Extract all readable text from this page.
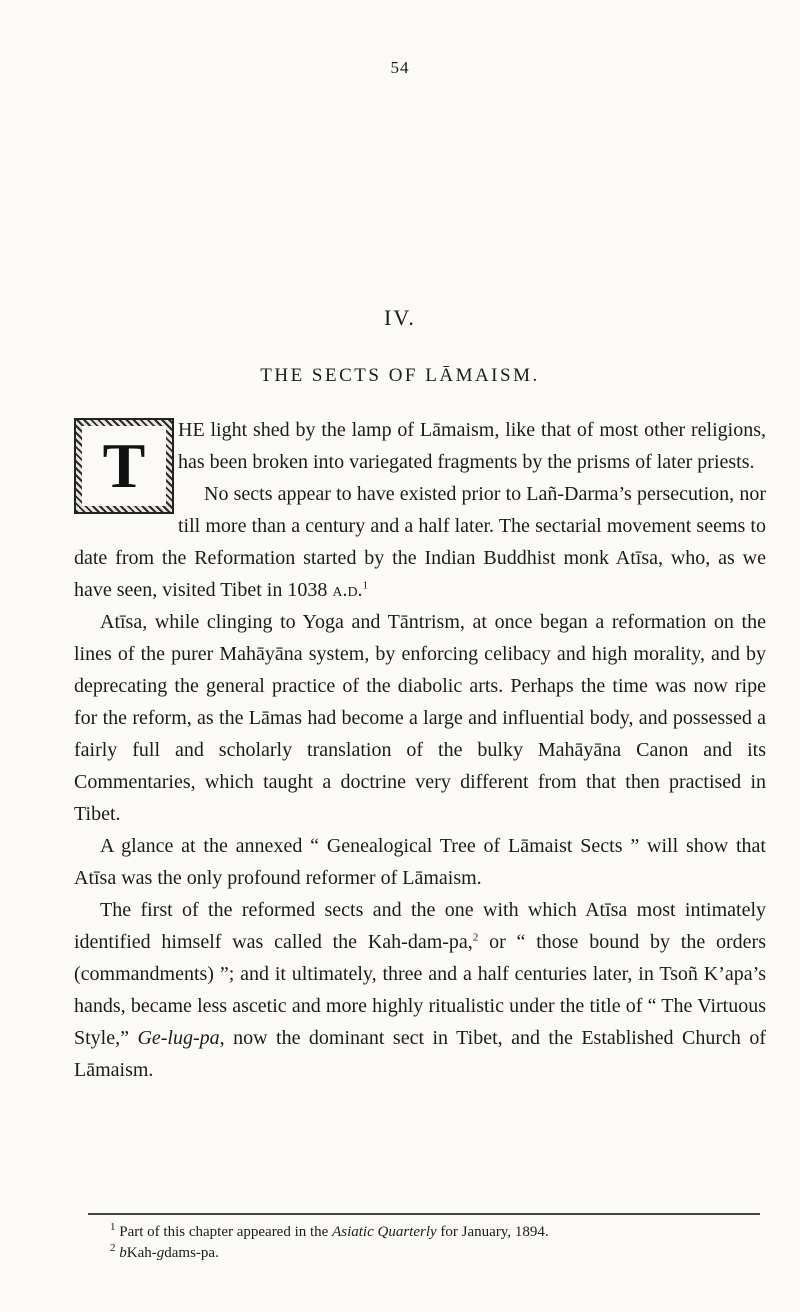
54
IV.
THE SECTS OF LĀMAISM.
T	HE light shed by the lamp of Lāmaism, like that of most other religions, has been broken into variegated fragments by the prisms of later priests.

No sects appear to have existed prior to Lañ-Darma’s persecution, nor till more than a century and a half later. The sectarial movement seems to date from the Reformation started by the Indian Buddhist monk Atīsa, who, as we have seen, visited Tibet in 1038 a.d.$^1$

Atīsa, while clinging to Yoga and Tāntrism, at once began a reformation on the lines of the purer Mahāyāna system, by enforcing celibacy and high morality, and by deprecating the general practice of the diabolic arts. Perhaps the time was now ripe for the reform, as the Lāmas had become a large and influential body, and possessed a fairly full and scholarly translation of the bulky Mahāyāna Canon and its Commentaries, which taught a doctrine very different from that then practised in Tibet.

A glance at the annexed “ Genealogical Tree of Lāmaist Sects ” will show that Atīsa was the only profound reformer of Lāmaism.

The first of the reformed sects and the one with which Atīsa most intimately identified himself was called the Kah-dam-pa,$^2$ or “ those bound by the orders (commandments) ”; and it ultimately, three and a half centuries later, in Tsoñ K’apa’s hands, became less ascetic and more highly ritualistic under the title of “ The Virtuous Style,” Ge-lug-pa, now the dominant sect in Tibet, and the Established Church of Lāmaism.

$^1$ Part of this chapter appeared in the Asiatic Quarterly for January, 1894.
$^2$ bKah-gdams-pa.
